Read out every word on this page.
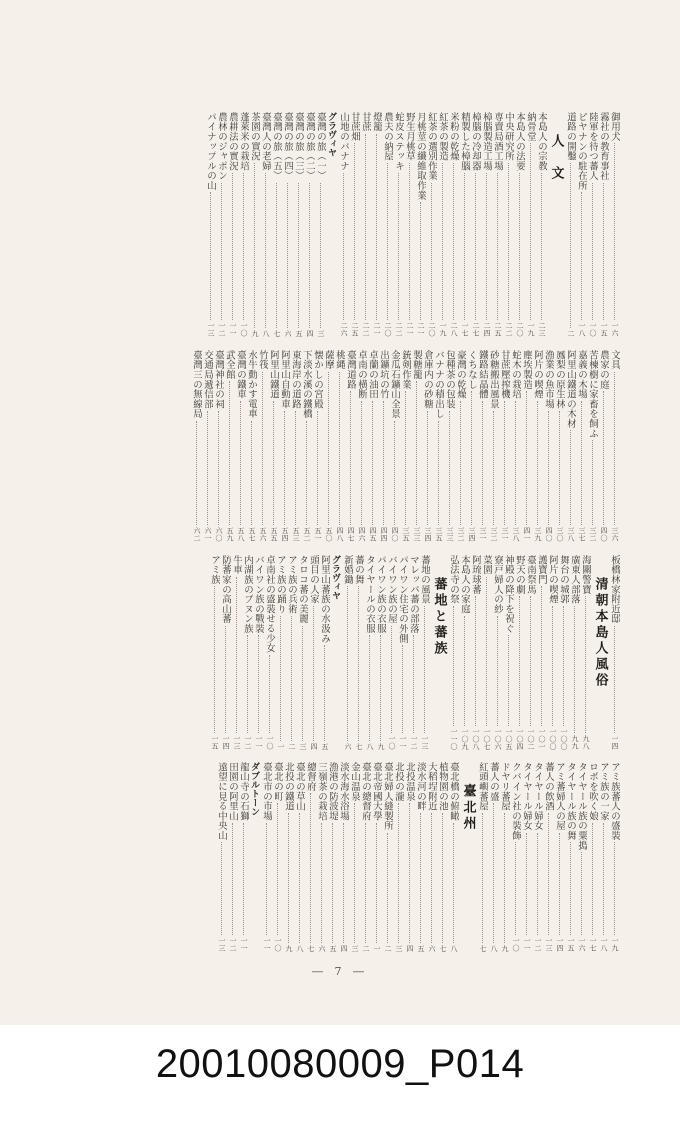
御用犬
一六
霧社の教育事社
一五
陸軍を待つ蕃人
一〇
ピヤナンの駐在所
一八
道路の開鑿
二
人　文
本島人の宗教
二三
納骨堂
一九
本島人の法要
二〇
中央研究所
二二
専賣局酒工場
二五
樟腦製造工場
二四
樟腦の冷却器
二七
精製した樟腦
一七
米粉の乾燥
二八
紅茶の製造
一九
紅茶の選別作業
二〇
月桃莖の纖維取作業
二一
野生月桃草
二一
蛇皮ステッキ
二二
農夫の納屋
二〇
燈籠
二一
甘蔗
二二
甘蔗畑
二五
山地のバナナ
二六
グラヴィヤ
臺灣の旅（一）
三
臺灣の旅（二）
四
臺灣の旅（三）
五
臺灣の旅（四）
六
臺灣の旅（五）
七
臺灣人の老婦
八
茶園の實況
九
蓬萊米の栽培
一〇
農耕法の實況
一一
農林のジャポン
一二
パイナップルの山
一三
文具
三六
農家の庭
四〇
苦楝樹に家畜を飼ふ
三二
嘉義の木場
三七
阿里山鐵道の木材
三八
鳳梨の原生林
三〇
漁業の魚市場
四〇
阿片の喫煙
三九
塵埃製造
四一
蛇木の栽培
三八
甘蔗壓搾機
三一
砂糖搬出風景
三二
鐵路結晶體
三一
くちなし
三四
豪灣の乾燥
三二
包種茶の包装
三三
バナナの積出し
三五
倉庫内の砂糖
三四
製糖籠
三三
銃剣作業
三五
金瓜石鑛山全景
四〇
出鑛坑の竹
四四
卓蘭の油田
四五
卓南の横断
四六
臺灣道路
四七
桃縄
四八
薩摩
五〇
懐かしの宮殿
五一
下淡水溪の鐵橋
五二
東海岸の道路
五三
阿里山自動車
五四
阿里山鐵道
五五
竹筏
五六
水牛動かす電車
五七
臺灣の鐵車
五八
武全館
五九
臺灣神社の祠
六〇
交通局遞信部
六一
臺灣三の無線局
六二
板橋林家附近邸
一四
清朝本島人風俗
海關警寶
九八
廣東人部落
九九
舞台の城郭
一〇〇
阿片の喫煙
一〇〇
護寶門
一〇一
臺南祭馬
一〇二
野天の劇
一〇四
神殿の降下を祝ぐ
一〇五
寮戸婦人の紗
一〇六
菜園
一〇七
阿琉球蕃
一〇八
本島人の家庭
一〇九
弘法寺の祭
一一〇
蕃地と蕃族
蕃地の風景
一三
マレッパ蕃の部落
一二
パイワン住宅の外側
一一
バイワン族の屋
一〇
パイワン族の衣服
九
タイヤールの衣服
八
蕃の舞
七
新婚鋤
六
グラヴィヤ
阿里山蕃族の水汲み
五
頭目の人家
四
タロコ蕃の美麗
三
アミ族の兵術
二
アミ族の踊り
一
卓南社の盛裝せる少女
一〇
バイワン族の戰裝
一一
内湖族のブヌン族
一二
牛車
一三
防蕃家の高山蕃
一四
アミ族
一五
アミ族蕃人の盛裝
一九
アミ族の一家
一八
ロボを吹く娘
一七
タイヤール族の粟搗
一六
タイヤール族の舞
一五
アミ蕃婦人の屋
一四
蕃人の飲酒
一三
タイヤール婦女
一二
タイヤール婦女
一一
クバイン社の裝飾
一〇
ドヤリ蕃屋
九
蕃人の盛
八
紅頭嶼蕃屋
七
臺北州
臺北橋の俯瞰
八
植物園の池
七
大稻埕附近
六
淡水河の畔
五
北投温泉
四
北投の瀧
三
臺北婦人縫製所
二
臺北帝國大學
一
臺北の總督府
二
金山温泉
三
淡水海水浴場
四
漁港の防波堤
五
三嶺茶の栽培
六
總督府
七
臺北の草山
八
北投の鐵道
九
臺北の町
一〇
臺北市の市場
一一
ダブルトーン
龍山寺の石獅
一一
田園の阿里山
一二
遠望に見る中央山
一三
― 7 ―
20010080009_P014
